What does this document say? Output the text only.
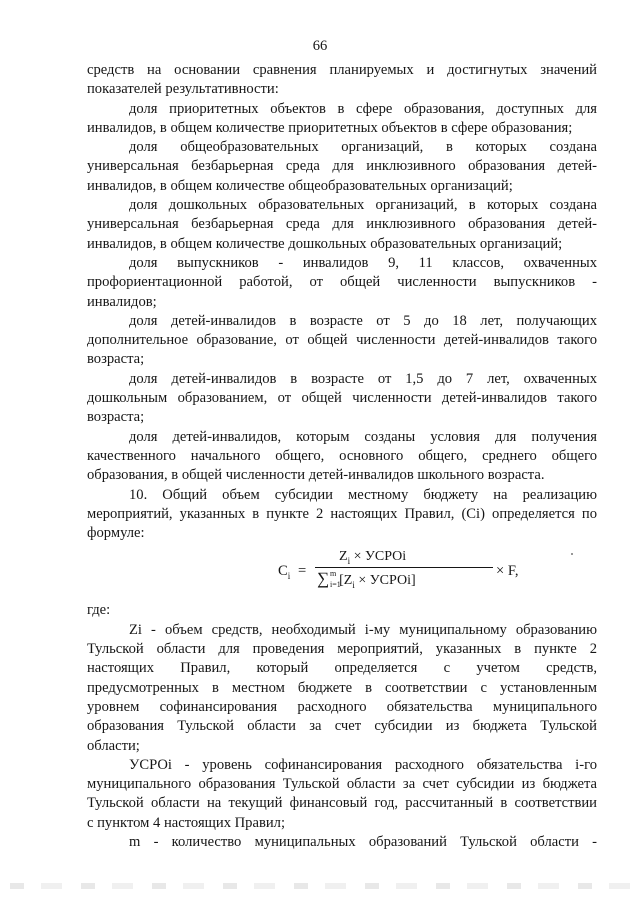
66

средств на основании сравнения планируемых и достигнутых значений

показателей результативности:

доля приоритетных объектов в сфере образования, доступных для

инвалидов, в общем количестве приоритетных объектов в сфере образования;

доля общеобразовательных организаций, в которых создана

универсальная безбарьерная среда для инклюзивного образования детей-

инвалидов, в общем количестве общеобразовательных организаций;

доля дошкольных образовательных организаций, в которых создана

универсальная безбарьерная среда для инклюзивного образования детей-

инвалидов, в общем количестве дошкольных образовательных организаций;

доля выпускников - инвалидов 9, 11 классов, охваченных

профориентационной работой, от общей численности выпускников -

инвалидов;

доля детей-инвалидов в возрасте от 5 до 18 лет, получающих

дополнительное образование, от общей численности детей-инвалидов такого

возраста;

доля детей-инвалидов в возрасте от 1,5 до 7 лет, охваченных

дошкольным образованием, от общей численности детей-инвалидов такого

возраста;

доля детей-инвалидов, которым созданы условия для получения

качественного начального общего, основного общего, среднего общего

образования, в общей численности детей-инвалидов школьного возраста.

10. Общий объем субсидии местному бюджету на реализацию

мероприятий, указанных в пункте 2 настоящих Правил, (Ci) определяется по

формуле:

$C_i$ =
$Z_i$ × УСРОi
∑ m
i=1
[$Z_i$ × УСРОi]
× F,

где:

Zi - объем средств, необходимый i-му муниципальному образованию

Тульской области для проведения мероприятий, указанных в пункте 2

настоящих Правил, который определяется с учетом средств,

предусмотренных в местном бюджете в соответствии с установленным

уровнем софинансирования расходного обязательства муниципального

образования Тульской области за счет субсидии из бюджета Тульской

области;

УСРОi - уровень софинансирования расходного обязательства i-го

муниципального образования Тульской области за счет субсидии из бюджета

Тульской области на текущий финансовый год, рассчитанный в соответствии

с пунктом 4 настоящих Правил;

m - количество муниципальных образований Тульской области -
